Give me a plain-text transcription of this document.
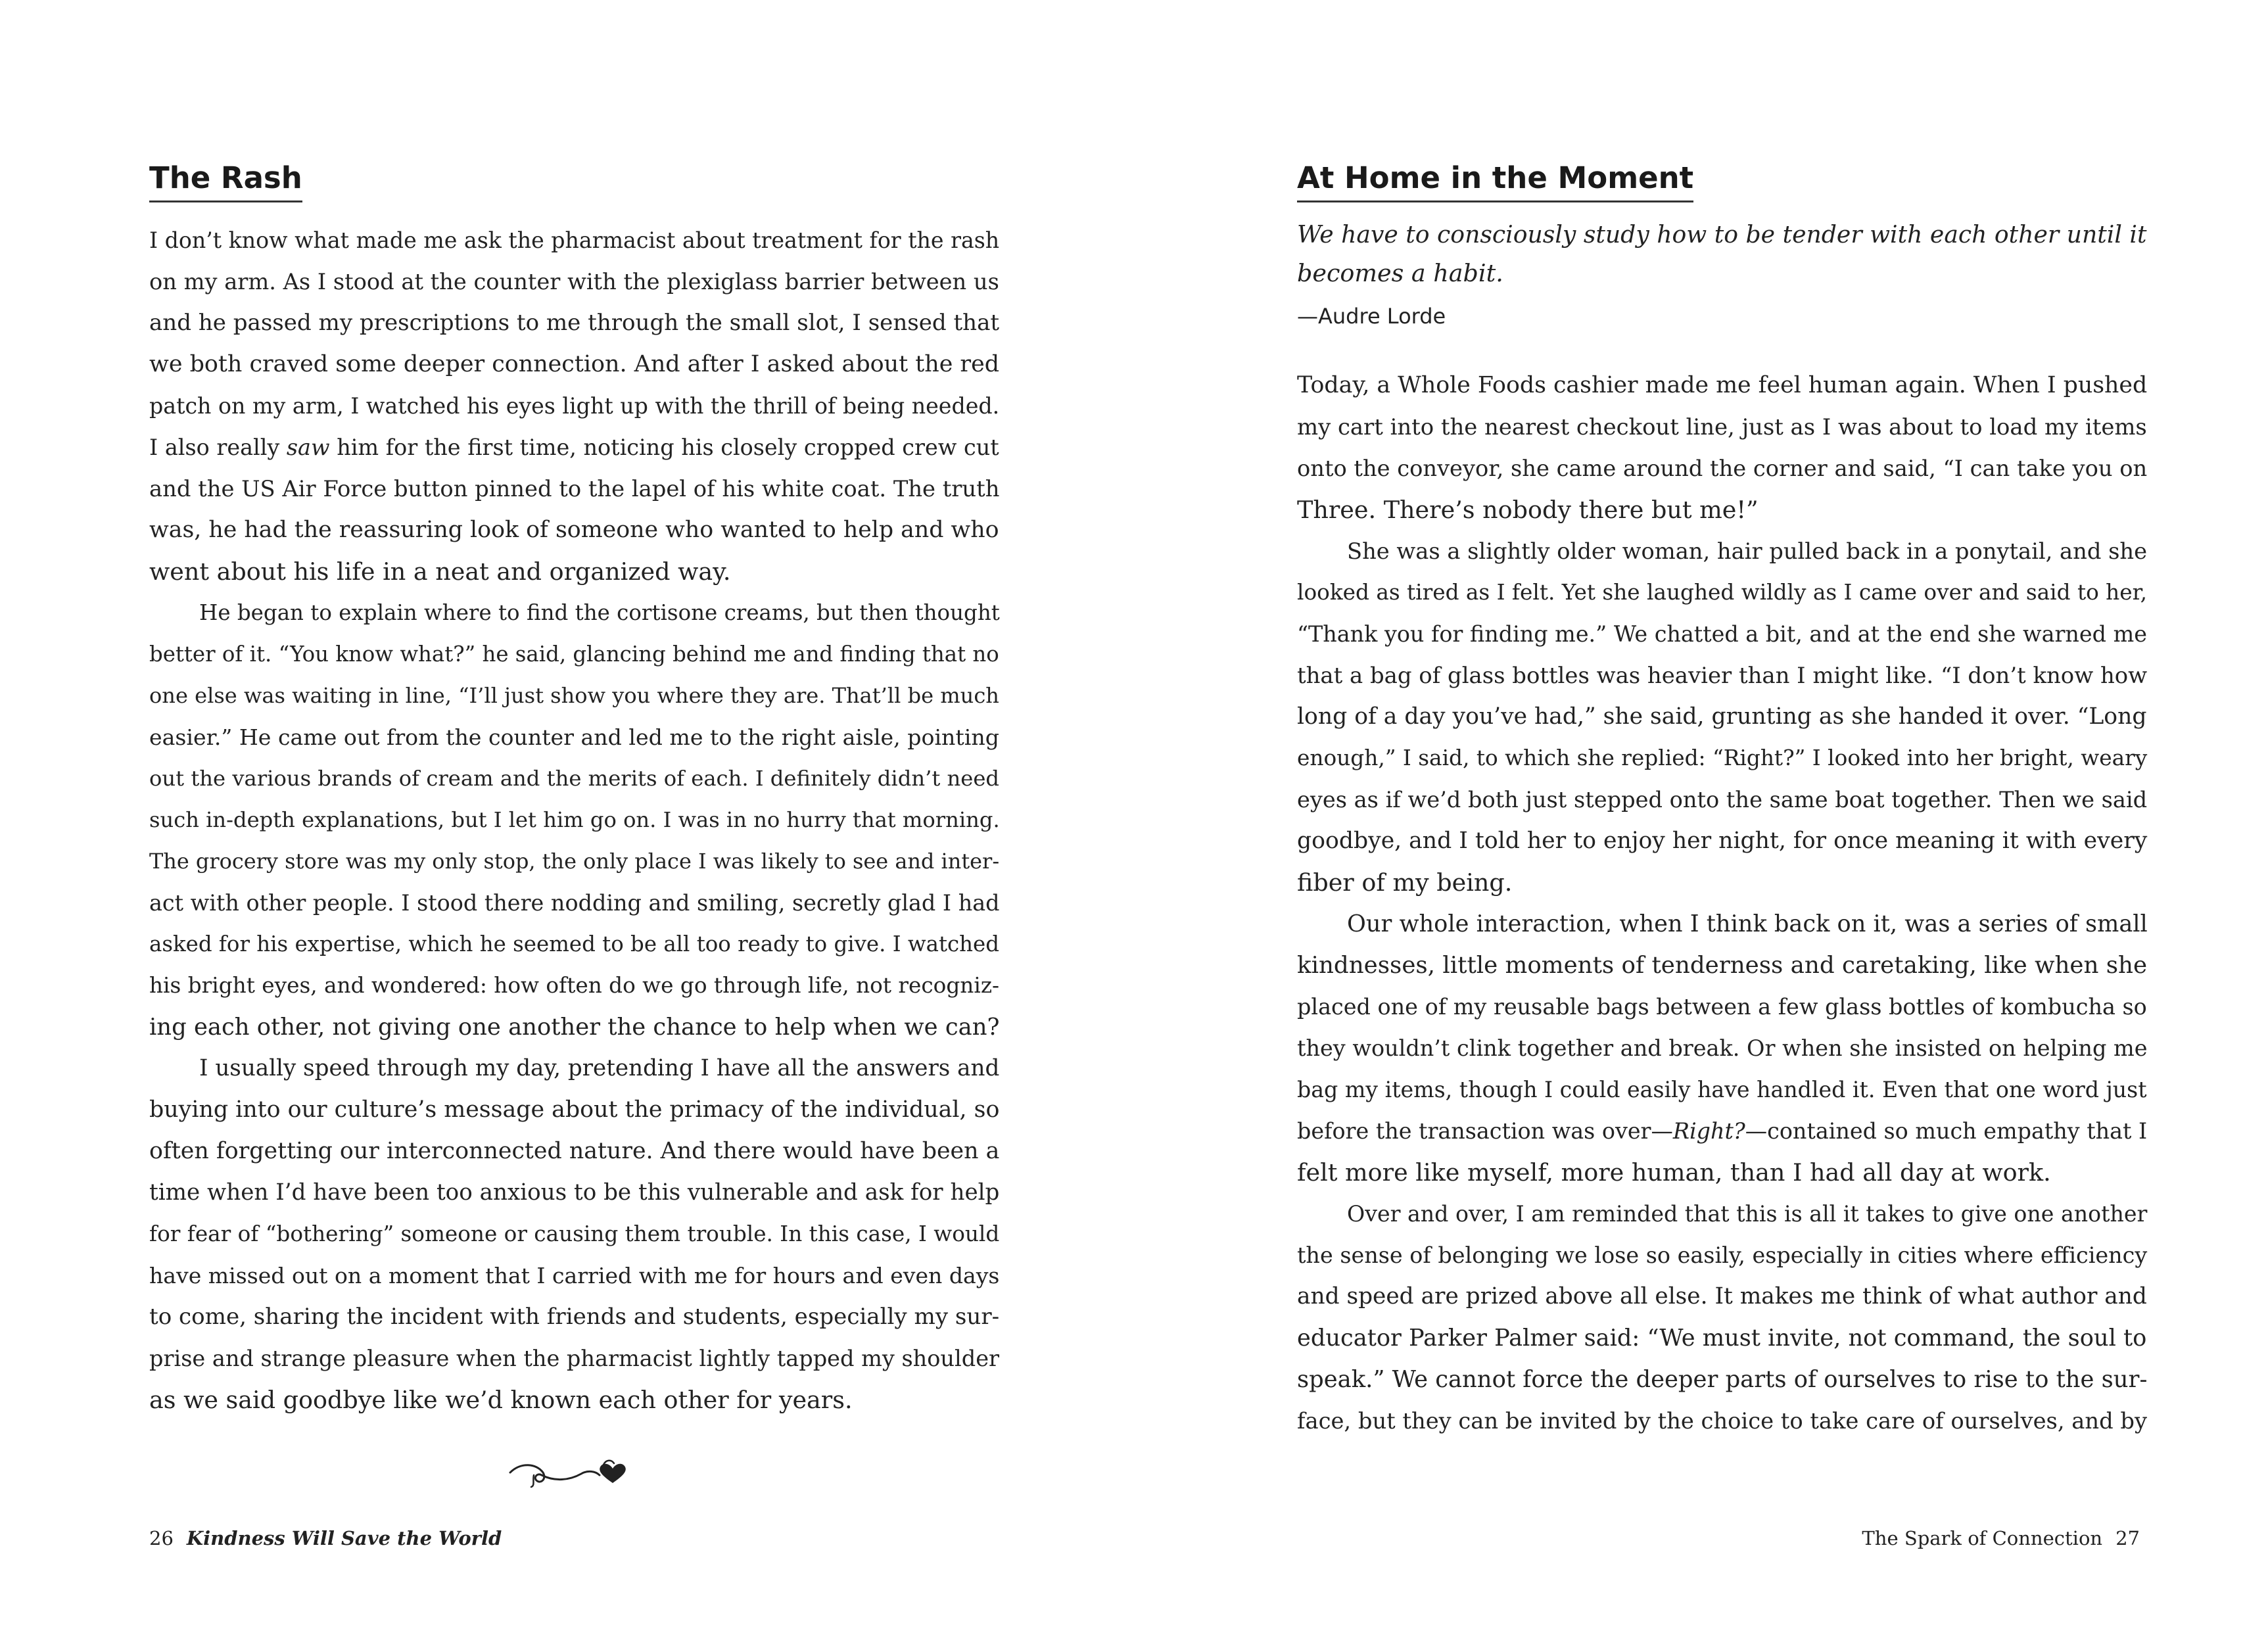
The Rash
I don’t know what made me ask the pharmacist about treatment for the rash
on my arm. As I stood at the counter with the plexiglass barrier between us
and he passed my prescriptions to me through the small slot, I sensed that
we both craved some deeper connection. And after I asked about the red
patch on my arm, I watched his eyes light up with the thrill of being needed.
I also really saw him for the first time, noticing his closely cropped crew cut
and the US Air Force button pinned to the lapel of his white coat. The truth
was, he had the reassuring look of someone who wanted to help and who
went about his life in a neat and organized way.
He began to explain where to find the cortisone creams, but then thought
better of it. “You know what?” he said, glancing behind me and finding that no
one else was waiting in line, “I’ll just show you where they are. That’ll be much
easier.” He came out from the counter and led me to the right aisle, pointing
out the various brands of cream and the merits of each. I definitely didn’t need
such in-depth explanations, but I let him go on. I was in no hurry that morning.
The grocery store was my only stop, the only place I was likely to see and inter-
act with other people. I stood there nodding and smiling, secretly glad I had
asked for his expertise, which he seemed to be all too ready to give. I watched
his bright eyes, and wondered: how often do we go through life, not recogniz-
ing each other, not giving one another the chance to help when we can?
I usually speed through my day, pretending I have all the answers and
buying into our culture’s message about the primacy of the individual, so
often forgetting our interconnected nature. And there would have been a
time when I’d have been too anxious to be this vulnerable and ask for help
for fear of “bothering” someone or causing them trouble. In this case, I would
have missed out on a moment that I carried with me for hours and even days
to come, sharing the incident with friends and students, especially my sur-
prise and strange pleasure when the pharmacist lightly tapped my shoulder
as we said goodbye like we’d known each other for years.
26 Kindness Will Save the World
At Home in the Moment
We have to consciously study how to be tender with each other until it
becomes a habit.
—Audre Lorde
Today, a Whole Foods cashier made me feel human again. When I pushed
my cart into the nearest checkout line, just as I was about to load my items
onto the conveyor, she came around the corner and said, “I can take you on
Three. There’s nobody there but me!”
She was a slightly older woman, hair pulled back in a ponytail, and she
looked as tired as I felt. Yet she laughed wildly as I came over and said to her,
“Thank you for finding me.” We chatted a bit, and at the end she warned me
that a bag of glass bottles was heavier than I might like. “I don’t know how
long of a day you’ve had,” she said, grunting as she handed it over. “Long
enough,” I said, to which she replied: “Right?” I looked into her bright, weary
eyes as if we’d both just stepped onto the same boat together. Then we said
goodbye, and I told her to enjoy her night, for once meaning it with every
fiber of my being.
Our whole interaction, when I think back on it, was a series of small
kindnesses, little moments of tenderness and caretaking, like when she
placed one of my reusable bags between a few glass bottles of kombucha so
they wouldn’t clink together and break. Or when she insisted on helping me
bag my items, though I could easily have handled it. Even that one word just
before the transaction was over—Right?—contained so much empathy that I
felt more like myself, more human, than I had all day at work.
Over and over, I am reminded that this is all it takes to give one another
the sense of belonging we lose so easily, especially in cities where efficiency
and speed are prized above all else. It makes me think of what author and
educator Parker Palmer said: “We must invite, not command, the soul to
speak.” We cannot force the deeper parts of ourselves to rise to the sur-
face, but they can be invited by the choice to take care of ourselves, and by
The Spark of Connection 27
